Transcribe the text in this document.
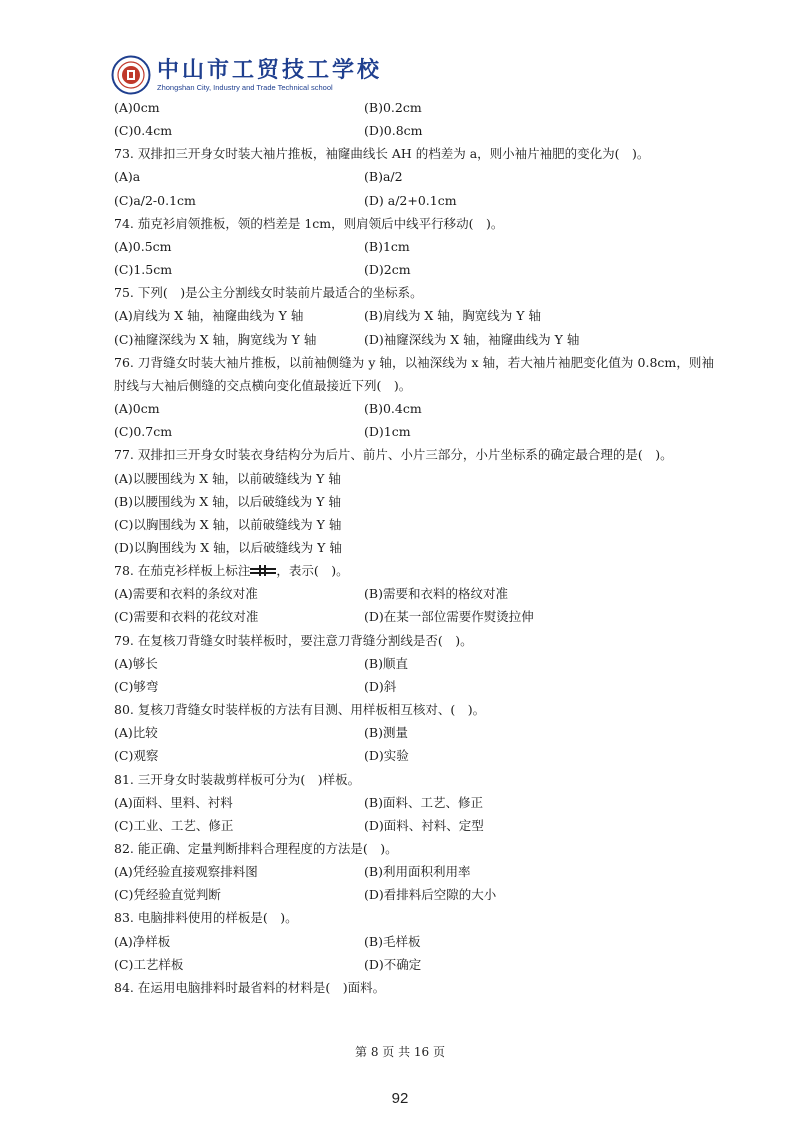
中山市工贸技工学校
Zhongshan City, Industry and Trade Technical school
(A)0cm	(B)0.2cm
(C)0.4cm	(D)0.8cm
73. 双排扣三开身女时装大袖片推板，袖窿曲线长 AH 的档差为 a，则小袖片袖肥的变化为(　)。
(A)a	(B)a/2
(C)a/2-0.1cm	(D) a/2+0.1cm
74. 茄克衫肩领推板，领的档差是 1cm，则肩领后中线平行移动(　)。
(A)0.5cm	(B)1cm
(C)1.5cm	(D)2cm
75. 下列(　)是公主分割线女时装前片最适合的坐标系。
(A)肩线为 X 轴，袖窿曲线为 Y 轴	(B)肩线为 X 轴，胸宽线为 Y 轴
(C)袖窿深线为 X 轴，胸宽线为 Y 轴	(D)袖窿深线为 X 轴，袖窿曲线为 Y 轴
76. 刀背缝女时装大袖片推板，以前袖侧缝为 y 轴，以袖深线为 x 轴，若大袖片袖肥变化值为 0.8cm，则袖肘线与大袖后侧缝的交点横向变化值最接近下列(　)。
(A)0cm	(B)0.4cm
(C)0.7cm	(D)1cm
77. 双排扣三开身女时装衣身结构分为后片、前片、小片三部分，小片坐标系的确定最合理的是(　)。
(A)以腰围线为 X 轴，以前破缝线为 Y 轴
(B)以腰围线为 X 轴，以后破缝线为 Y 轴
(C)以胸围线为 X 轴，以前破缝线为 Y 轴
(D)以胸围线为 X 轴，以后破缝线为 Y 轴
78. 在茄克衫样板上标注 ，表示(　)。
(A)需要和衣料的条纹对准	(B)需要和衣料的格纹对准
(C)需要和衣料的花纹对准	(D)在某一部位需要作熨烫拉伸
79. 在复核刀背缝女时装样板时，要注意刀背缝分割线是否(　)。
(A)够长	(B)顺直
(C)够弯	(D)斜
80. 复核刀背缝女时装样板的方法有目测、用样板相互核对、(　)。
(A)比较	(B)测量
(C)观察	(D)实验
81. 三开身女时装裁剪样板可分为(　)样板。
(A)面料、里料、衬料	(B)面料、工艺、修正
(C)工业、工艺、修正	(D)面料、衬料、定型
82. 能正确、定量判断排料合理程度的方法是(　)。
(A)凭经验直接观察排料图	(B)利用面积利用率
(C)凭经验直觉判断	(D)看排料后空隙的大小
83. 电脑排料使用的样板是(　)。
(A)净样板	(B)毛样板
(C)工艺样板	(D)不确定
84. 在运用电脑排料时最省料的材料是(　)面料。
第 8 页 共 16 页
92
